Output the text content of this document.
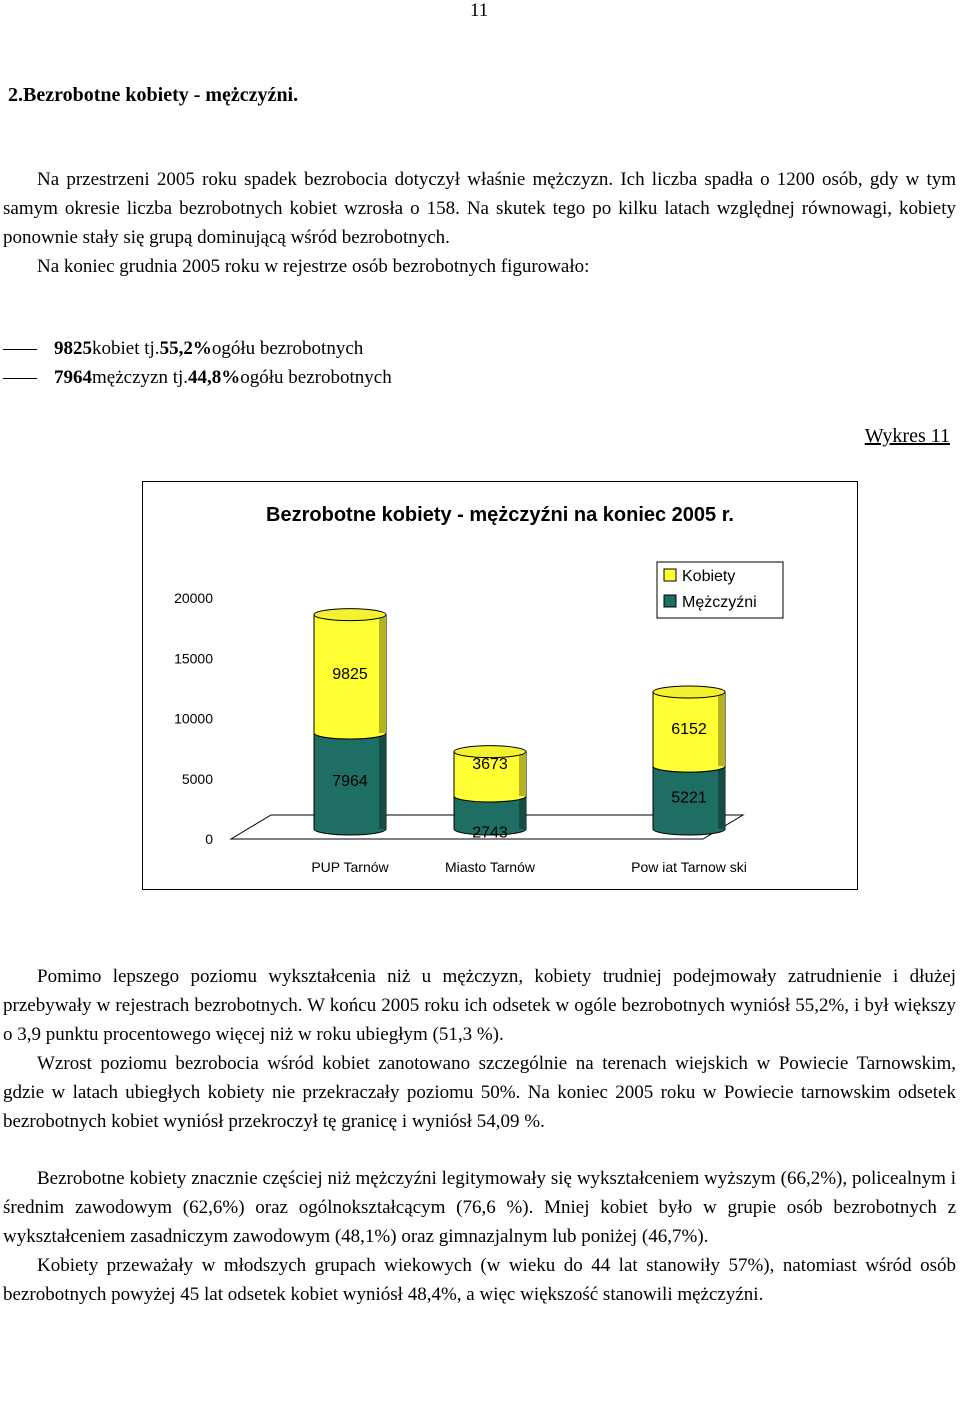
11
2.Bezrobotne kobiety - mężczyźni.

Na przestrzeni 2005 roku spadek bezrobocia dotyczył właśnie mężczyzn. Ich liczba spadła o 1200 osób, gdy w tym samym okresie liczba bezrobotnych kobiet wzrosła o 158. Na skutek tego po kilku latach względnej równowagi, kobiety ponownie stały się grupą dominującą wśród bezrobotnych.

Na koniec grudnia 2005 roku w rejestrze osób bezrobotnych figurowało:

9825 kobiet tj. 55,2% ogółu bezrobotnych
7964 mężczyzn tj. 44,8% ogółu bezrobotnych
Wykres 11
Bezrobotne kobiety - mężczyźni na koniec 2005 r.
0
5000
10000
15000
20000
7964
9825
PUP Tarnów
2743
3673
Miasto Tarnów
5221
6152
Pow iat Tarnow ski
Kobiety
Mężczyźni

Pomimo lepszego poziomu wykształcenia niż u mężczyzn, kobiety trudniej podejmowały zatrudnienie i dłużej przebywały w rejestrach bezrobotnych. W końcu 2005 roku ich odsetek w ogóle bezrobotnych wyniósł 55,2%, i był większy o 3,9 punktu procentowego więcej niż w roku ubiegłym (51,3 %).

Wzrost poziomu bezrobocia wśród kobiet zanotowano szczególnie na terenach wiejskich w Powiecie Tarnowskim, gdzie w latach ubiegłych kobiety nie przekraczały poziomu 50%. Na koniec 2005 roku w Powiecie tarnowskim odsetek bezrobotnych kobiet wyniósł przekroczył tę granicę i wyniósł 54,09 %.

Bezrobotne kobiety znacznie częściej niż mężczyźni legitymowały się wykształceniem wyższym (66,2%), policealnym i średnim zawodowym (62,6%) oraz ogólnokształcącym (76,6 %). Mniej kobiet było w grupie osób bezrobotnych z wykształceniem zasadniczym zawodowym (48,1%) oraz gimnazjalnym lub poniżej (46,7%).

Kobiety przeważały w młodszych grupach wiekowych (w wieku do 44 lat stanowiły 57%), natomiast wśród osób bezrobotnych powyżej 45 lat odsetek kobiet wyniósł 48,4%, a więc większość stanowili mężczyźni.
